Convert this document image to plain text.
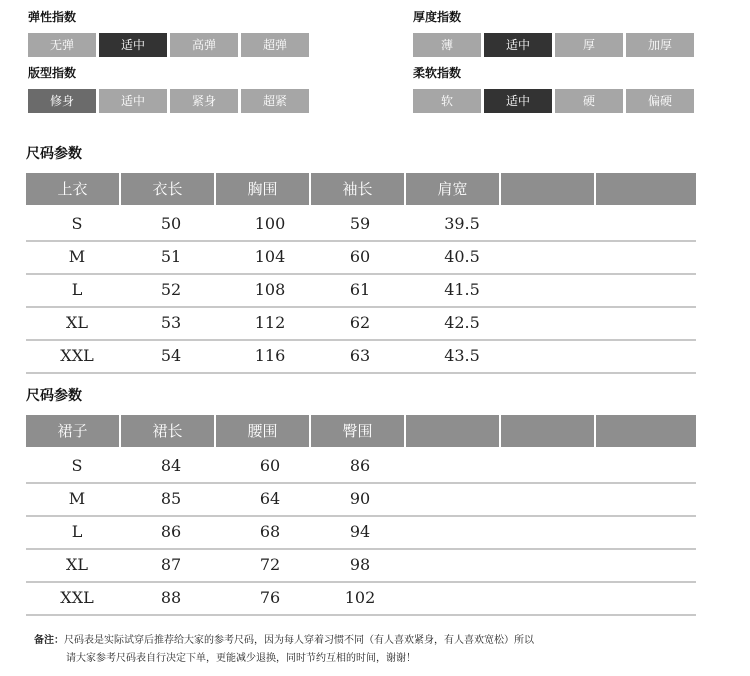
弹性指数
无弹	适中	高弹	超弹
厚度指数
薄	适中	厚	加厚
版型指数
修身	适中	紧身	超紧
柔软指数
软	适中	硬	偏硬
尺码参数
上衣	衣长	胸围	袖长	肩宽
S	50	100	59	39.5
M	51	104	60	40.5
L	52	108	61	41.5
XL	53	112	62	42.5
XXL	54	116	63	43.5
尺码参数
裙子	裙长	腰围	臀围
S	84	60	86
M	85	64	90
L	86	68	94
XL	87	72	98
XXL	88	76	102
备注：尺码表是实际试穿后推荐给大家的参考尺码，因为每人穿着习惯不同（有人喜欢紧身，有人喜欢宽松）所以
请大家参考尺码表自行决定下单，更能减少退换，同时节约互相的时间，谢谢！
